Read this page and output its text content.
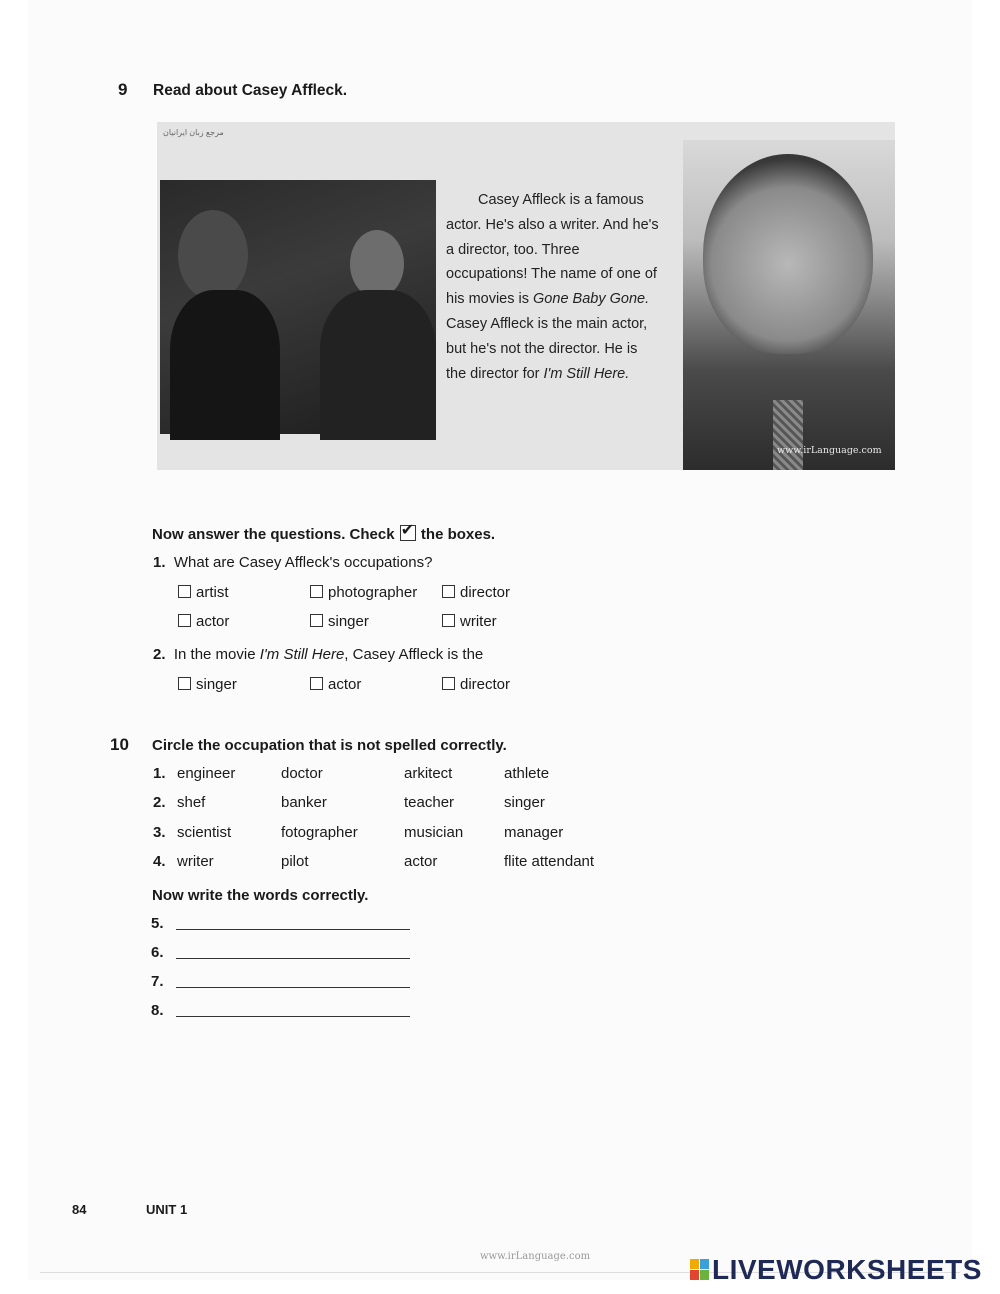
9 Read about Casey Affleck.
مرجع زبان ایرانیان
Casey Affleck is a famous actor. He's also a writer. And he's a director, too. Three occupations! The name of one of his movies is Gone Baby Gone. Casey Affleck is the main actor, but he's not the director. He is the director for I'm Still Here.
www.irLanguage.com
Now answer the questions. Check ✔ the boxes.
1. What are Casey Affleck's occupations?
artist	photographer	director
actor	singer	writer
2. In the movie I'm Still Here, Casey Affleck is the
singer	actor	director
10 Circle the occupation that is not spelled correctly.
1. engineer	doctor	arkitect	athlete
2. shef	banker	teacher	singer
3. scientist	fotographer	musician	manager
4. writer	pilot	actor	flite attendant
Now write the words correctly.
5.
6.
7.
8.
84	UNIT 1
www.irLanguage.com	LIVEWORKSHEETS
